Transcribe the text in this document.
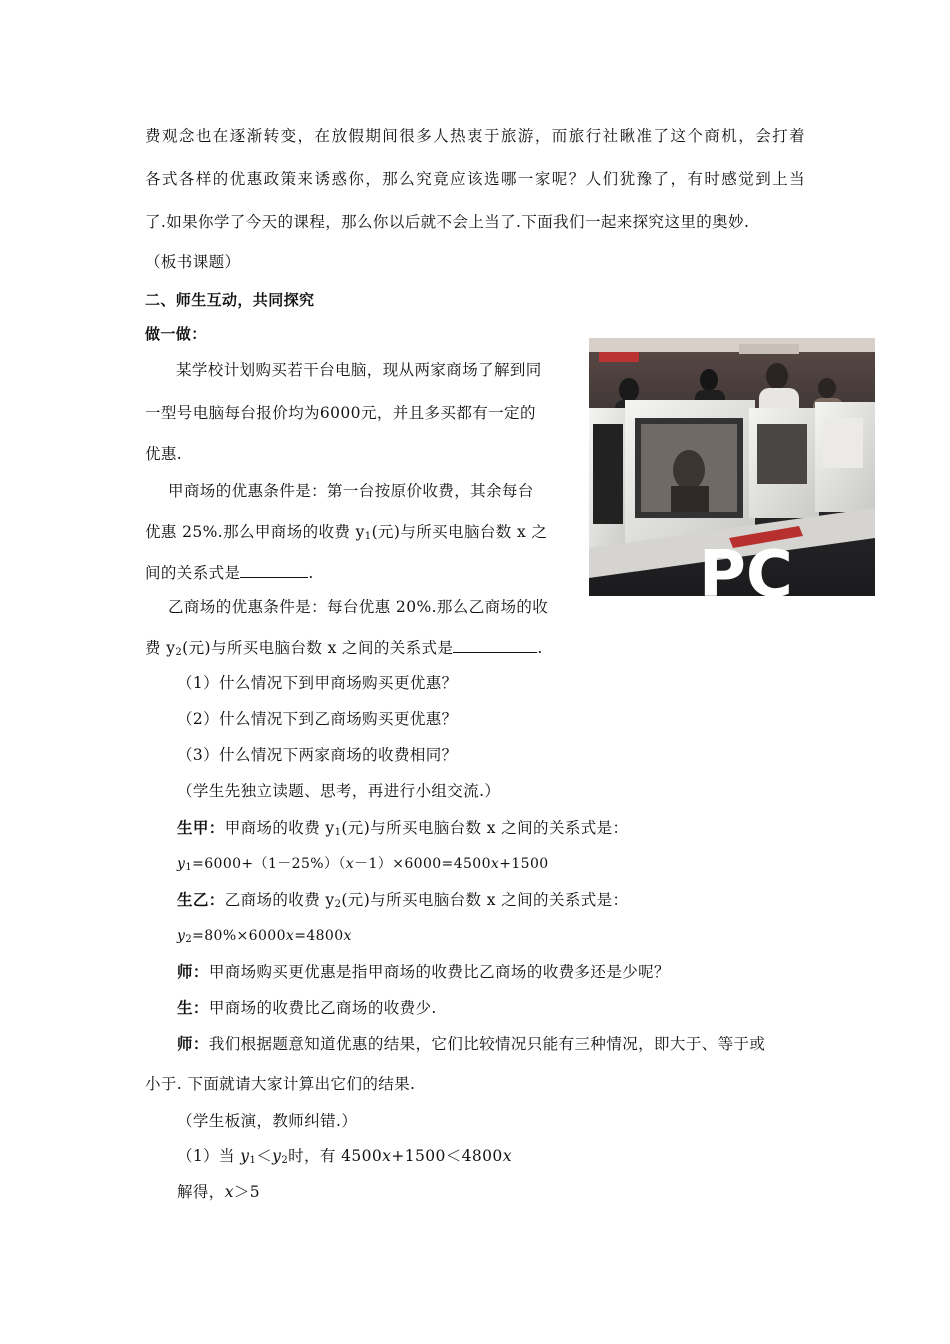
费观念也在逐渐转变，在放假期间很多人热衷于旅游，而旅行社瞅准了这个商机，会打着
各式各样的优惠政策来诱惑你，那么究竟应该选哪一家呢？人们犹豫了，有时感觉到上当
了.如果你学了今天的课程，那么你以后就不会上当了.下面我们一起来探究这里的奥妙.
（板书课题）
二、师生互动，共同探究
做一做：
某学校计划购买若干台电脑，现从两家商场了解到同
一型号电脑每台报价均为6000元，并且多买都有一定的
优惠.
甲商场的优惠条件是：第一台按原价收费，其余每台
优惠 25%.那么甲商场的收费 $y_1$(元)与所买电脑台数 x 之
间的关系式是	.
乙商场的优惠条件是：每台优惠 20%.那么乙商场的收
费 $y_2$(元)与所买电脑台数 x 之间的关系式是	.
PC
（1）什么情况下到甲商场购买更优惠？
（2）什么情况下到乙商场购买更优惠？
（3）什么情况下两家商场的收费相同？
（学生先独立读题、思考，再进行小组交流.）
生甲：甲商场的收费 $y_1$(元)与所买电脑台数 x 之间的关系式是：
$y_1=6000+(1-25\%)(x-1)\times 6000=4500x+1500$
生乙：乙商场的收费 $y_2$(元)与所买电脑台数 x 之间的关系式是：
$y_2=80\%\times 6000x=4800x$
师：甲商场购买更优惠是指甲商场的收费比乙商场的收费多还是少呢？
生：甲商场的收费比乙商场的收费少.
师：我们根据题意知道优惠的结果，它们比较情况只能有三种情况，即大于、等于或
小于. 下面就请大家计算出它们的结果.
（学生板演，教师纠错.）
（1）当 $y_1<y_2$时，有 4500x+1500＜4800x
解得，x＞5
